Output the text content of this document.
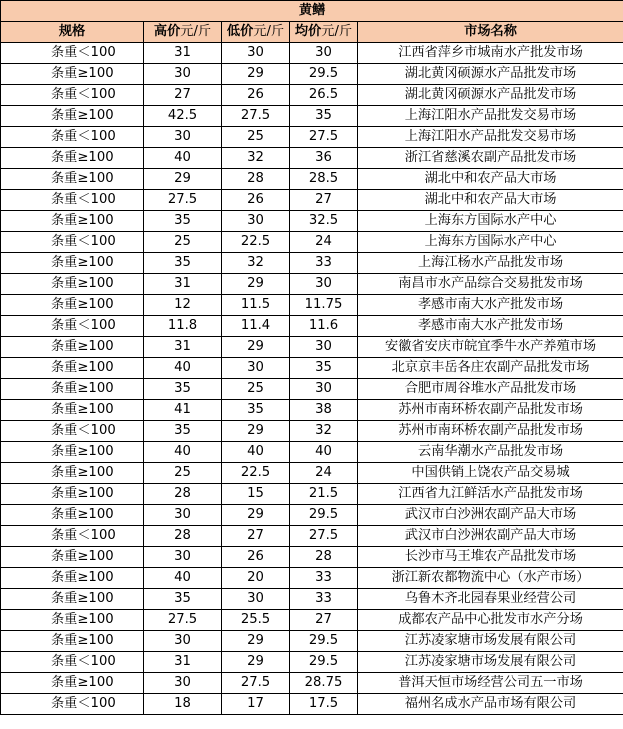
黄鳝				
规格	高价元/斤	低价元/斤	均价元/斤	市场名称
条重＜100	31	30	30	江西省萍乡市城南水产批发市场
条重≥100	30	29	29.5	湖北黄冈硕源水产品批发市场
条重＜100	27	26	26.5	湖北黄冈硕源水产品批发市场
条重≥100	42.5	27.5	35	上海江阳水产品批发交易市场
条重＜100	30	25	27.5	上海江阳水产品批发交易市场
条重≥100	40	32	36	浙江省慈溪农副产品批发市场
条重≥100	29	28	28.5	湖北中和农产品大市场
条重＜100	27.5	26	27	湖北中和农产品大市场
条重≥100	35	30	32.5	上海东方国际水产中心
条重＜100	25	22.5	24	上海东方国际水产中心
条重≥100	35	32	33	上海江杨水产品批发市场
条重≥100	31	29	30	南昌市水产品综合交易批发市场
条重≥100	12	11.5	11.75	孝感市南大水产批发市场
条重＜100	11.8	11.4	11.6	孝感市南大水产批发市场
条重≥100	31	29	30	安徽省安庆市皖宜季牛水产养殖市场
条重≥100	40	30	35	北京京丰岳各庄农副产品批发市场
条重≥100	35	25	30	合肥市周谷堆水产品批发市场
条重≥100	41	35	38	苏州市南环桥农副产品批发市场
条重＜100	35	29	32	苏州市南环桥农副产品批发市场
条重≥100	40	40	40	云南华潮水产品批发市场
条重≥100	25	22.5	24	中国供销上饶农产品交易城
条重≥100	28	15	21.5	江西省九江鲜活水产品批发市场
条重≥100	30	29	29.5	武汉市白沙洲农副产品大市场
条重＜100	28	27	27.5	武汉市白沙洲农副产品大市场
条重≥100	30	26	28	长沙市马王堆农产品批发市场
条重≥100	40	20	33	浙江新农都物流中心（水产市场）
条重≥100	35	30	33	乌鲁木齐北园春果业经营公司
条重≥100	27.5	25.5	27	成都农产品中心批发市水产分场
条重≥100	30	29	29.5	江苏凌家塘市场发展有限公司
条重＜100	31	29	29.5	江苏凌家塘市场发展有限公司
条重≥100	30	27.5	28.75	普洱天恒市场经营公司五一市场
条重＜100	18	17	17.5	福州名成水产品市场有限公司
